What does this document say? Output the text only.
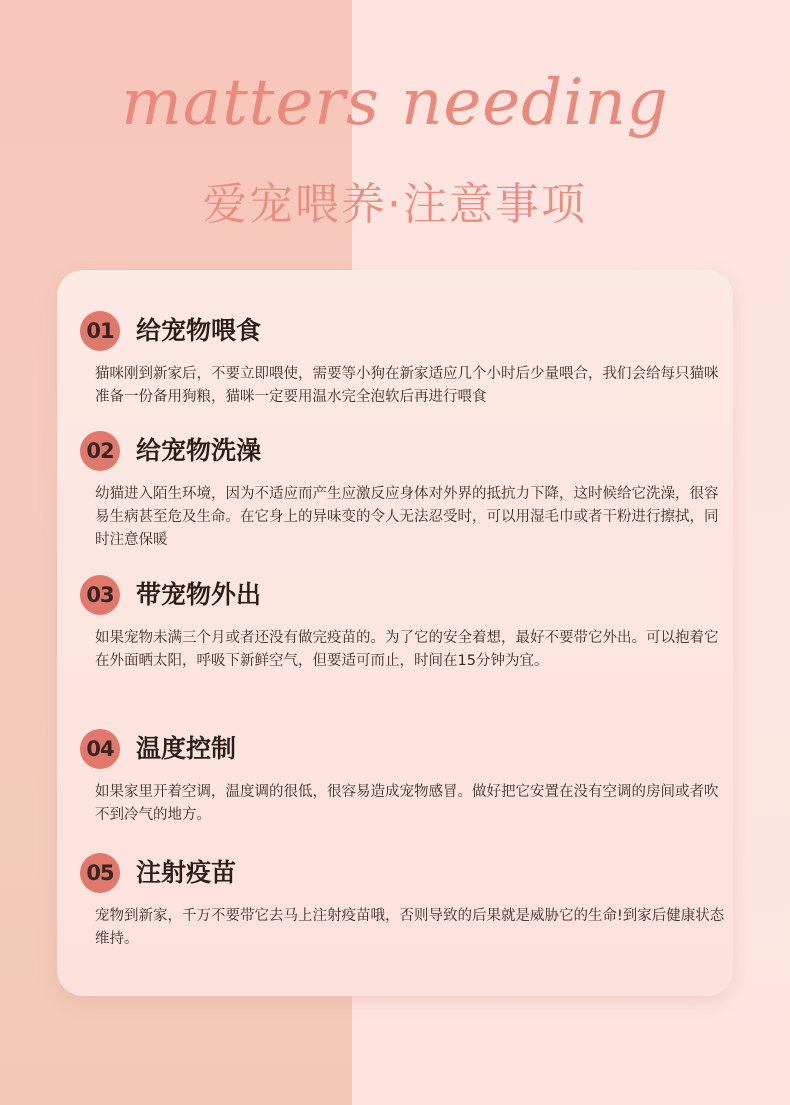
matters needing
爱宠喂养·注意事项
01 给宠物喂食
猫咪刚到新家后，不要立即喂使，需要等小狗在新家适应几个小时后少量喂合，我们会给每只猫咪准备一份备用狗粮，猫咪一定要用温水完全泡软后再进行喂食
02 给宠物洗澡
幼猫进入陌生环境，因为不适应而产生应激反应身体对外界的抵抗力下降，这时候给它洗澡，很容易生病甚至危及生命。在它身上的异味变的令人无法忍受时，可以用湿毛巾或者干粉进行擦拭，同时注意保暖
03 带宠物外出
如果宠物未满三个月或者还没有做完疫苗的。为了它的安全着想，最好不要带它外出。可以抱着它在外面晒太阳，呼吸下新鲜空气，但要适可而止，时间在15分钟为宜。
04 温度控制
如果家里开着空调，温度调的很低，很容易造成宠物感冒。做好把它安置在没有空调的房间或者吹不到冷气的地方。
05 注射疫苗
宠物到新家，千万不要带它去马上注射疫苗哦，否则导致的后果就是威胁它的生命!到家后健康状态维持。
